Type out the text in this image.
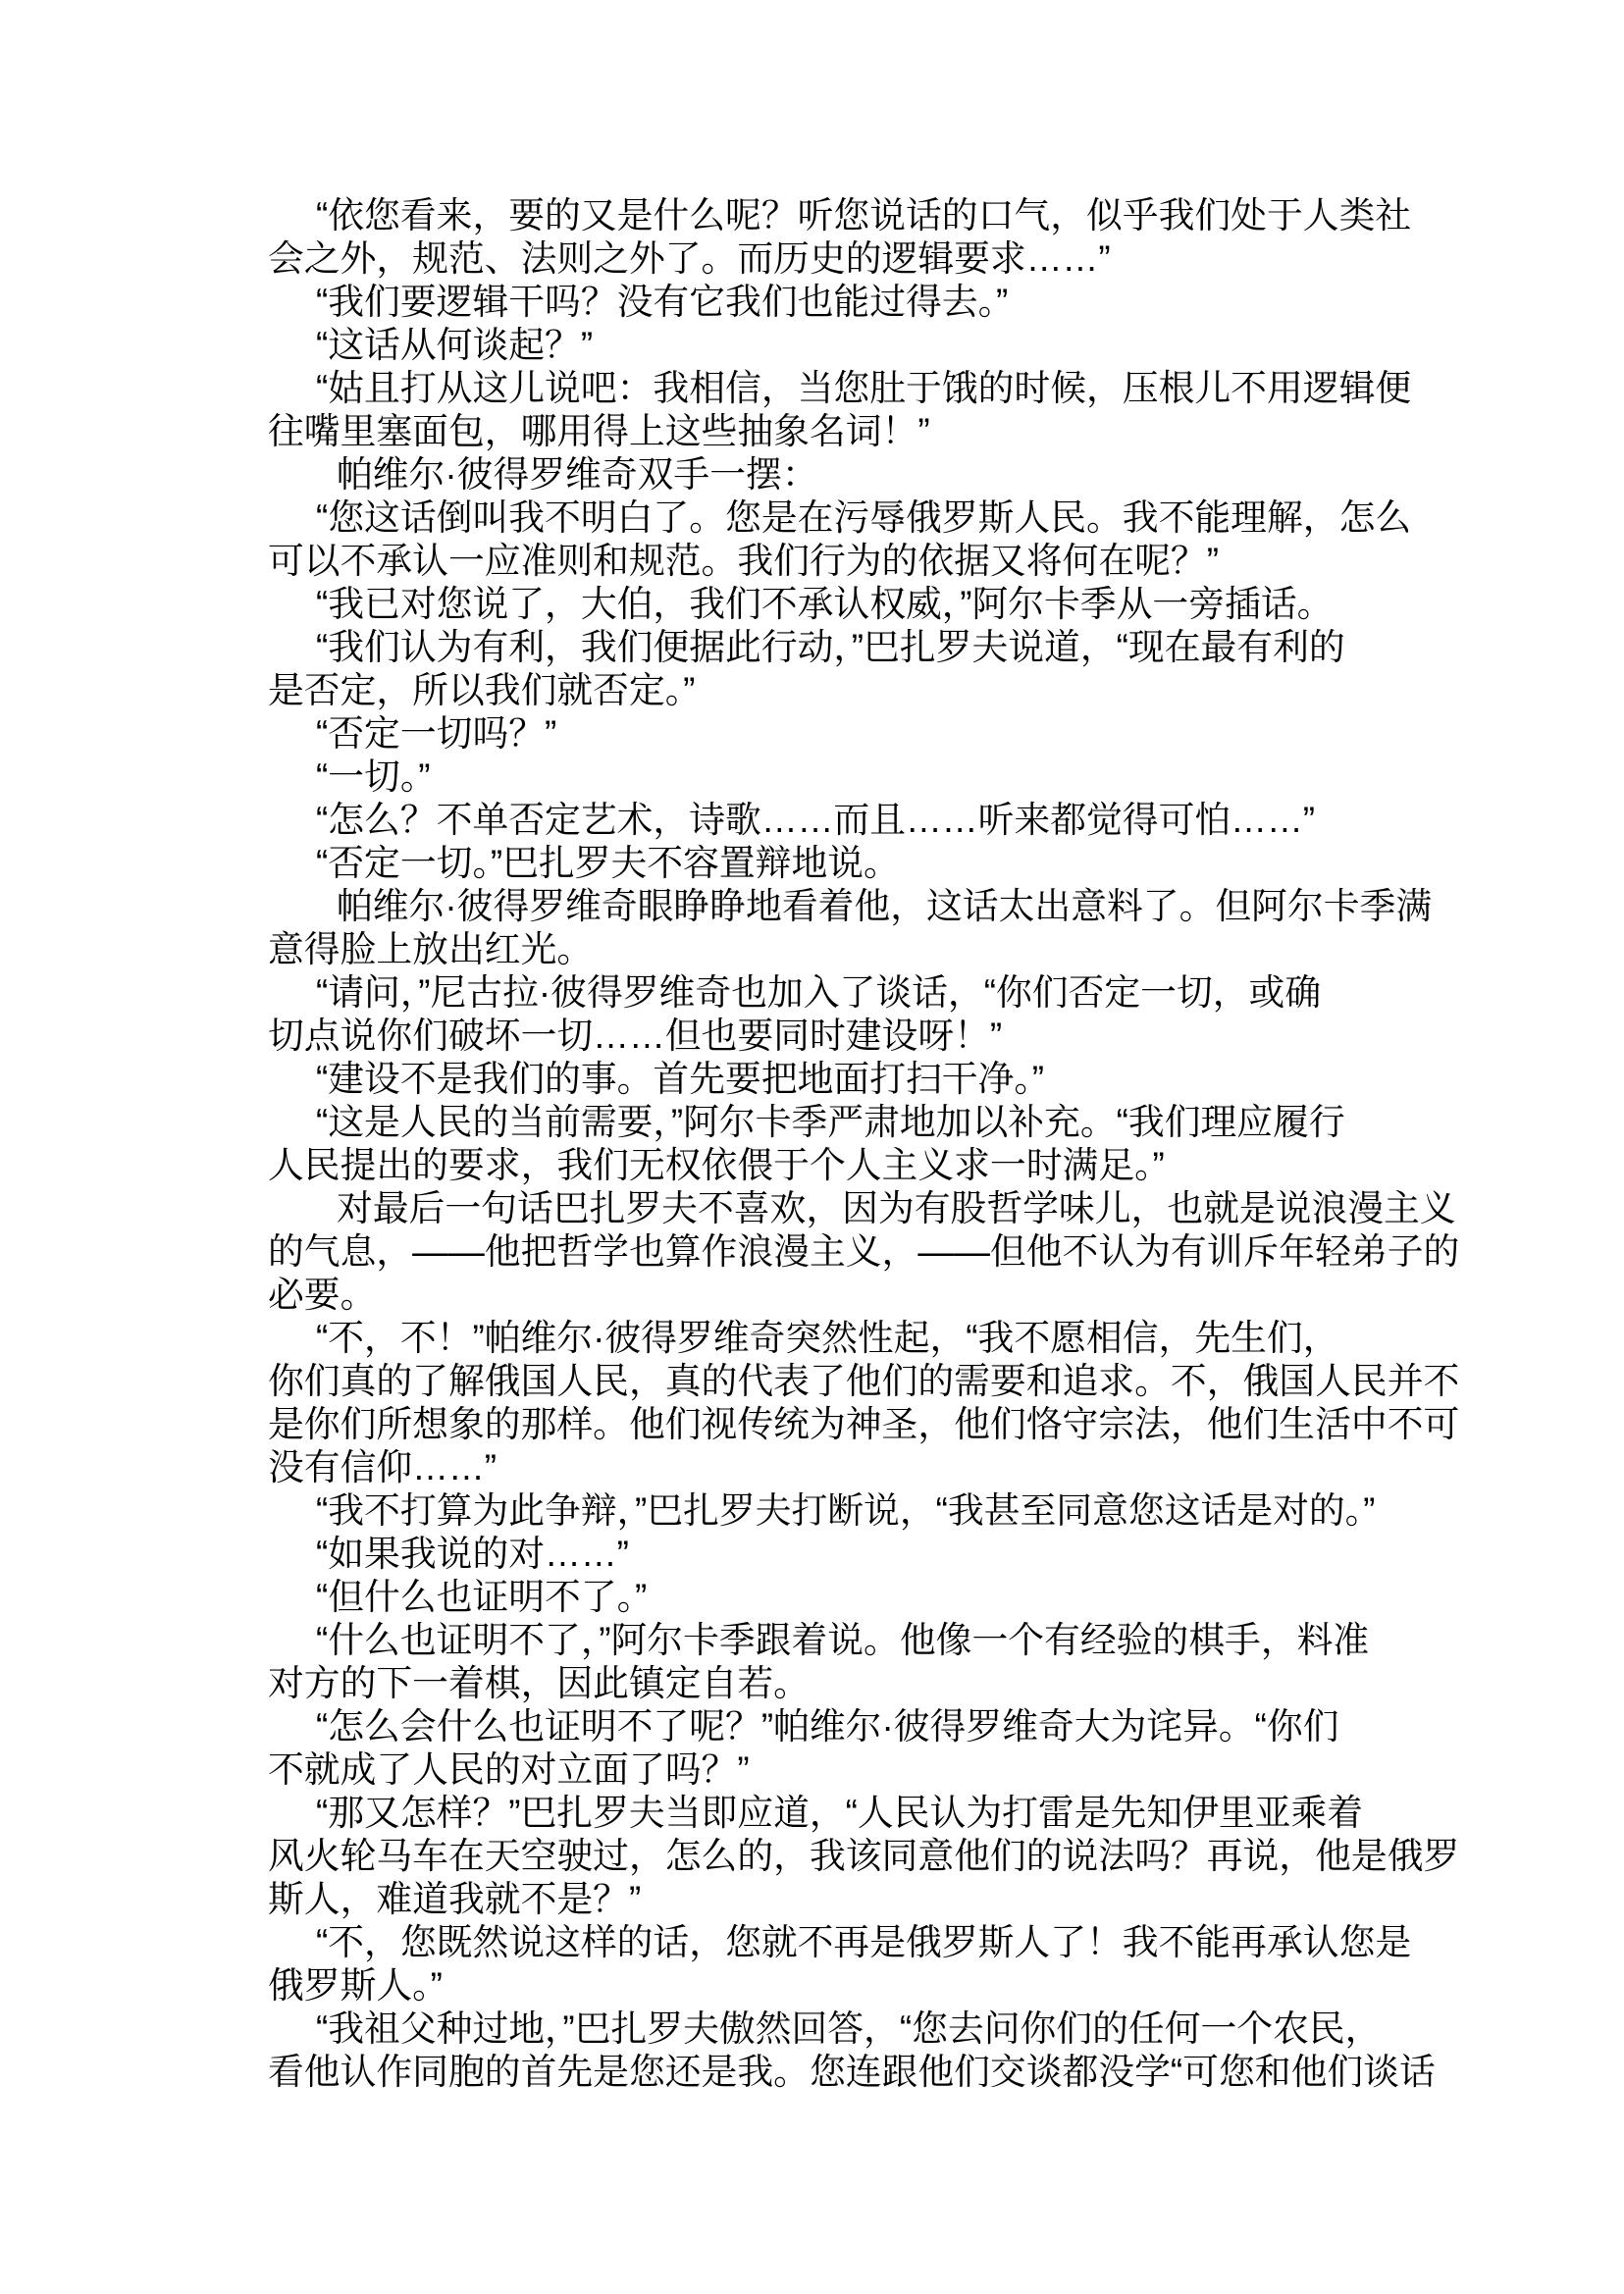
“依您看来，要的又是什么呢？听您说话的口气，似乎我们处于人类社
会之外，规范、法则之外了。而历史的逻辑要求……”
“我们要逻辑干吗？没有它我们也能过得去。”
“这话从何谈起？”
“姑且打从这儿说吧：我相信，当您肚于饿的时候，压根儿不用逻辑便
往嘴里塞面包，哪用得上这些抽象名词！”
帕维尔·彼得罗维奇双手一摆：
“您这话倒叫我不明白了。您是在污辱俄罗斯人民。我不能理解，怎么
可以不承认一应准则和规范。我们行为的依据又将何在呢？”
“我已对您说了，大伯，我们不承认权威，”阿尔卡季从一旁插话。
“我们认为有利，我们便据此行动，”巴扎罗夫说道，“现在最有利的
是否定，所以我们就否定。”
“否定一切吗？”
“一切。”
“怎么？不单否定艺术，诗歌……而且……听来都觉得可怕……”
“否定一切。”巴扎罗夫不容置辩地说。
帕维尔·彼得罗维奇眼睁睁地看着他，这话太出意料了。但阿尔卡季满
意得脸上放出红光。
“请问，”尼古拉·彼得罗维奇也加入了谈话，“你们否定一切，或确
切点说你们破坏一切……但也要同时建设呀！”
“建设不是我们的事。首先要把地面打扫干净。”
“这是人民的当前需要，”阿尔卡季严肃地加以补充。“我们理应履行
人民提出的要求，我们无权依偎于个人主义求一时满足。”
对最后一句话巴扎罗夫不喜欢，因为有股哲学味儿，也就是说浪漫主义
的气息，——他把哲学也算作浪漫主义，——但他不认为有训斥年轻弟子的
必要。
“不，不！”帕维尔·彼得罗维奇突然性起，“我不愿相信，先生们，
你们真的了解俄国人民，真的代表了他们的需要和追求。不，俄国人民并不
是你们所想象的那样。他们视传统为神圣，他们恪守宗法，他们生活中不可
没有信仰……”
“我不打算为此争辩，”巴扎罗夫打断说，“我甚至同意您这话是对的。”
“如果我说的对……”
“但什么也证明不了。”
“什么也证明不了，”阿尔卡季跟着说。他像一个有经验的棋手，料准
对方的下一着棋，因此镇定自若。
“怎么会什么也证明不了呢？”帕维尔·彼得罗维奇大为诧异。“你们
不就成了人民的对立面了吗？”
“那又怎样？”巴扎罗夫当即应道，“人民认为打雷是先知伊里亚乘着
风火轮马车在天空驶过，怎么的，我该同意他们的说法吗？再说，他是俄罗
斯人，难道我就不是？”
“不，您既然说这样的话，您就不再是俄罗斯人了！我不能再承认您是
俄罗斯人。”
“我祖父种过地，”巴扎罗夫傲然回答，“您去问你们的任何一个农民，
看他认作同胞的首先是您还是我。您连跟他们交谈都没学“可您和他们谈话
